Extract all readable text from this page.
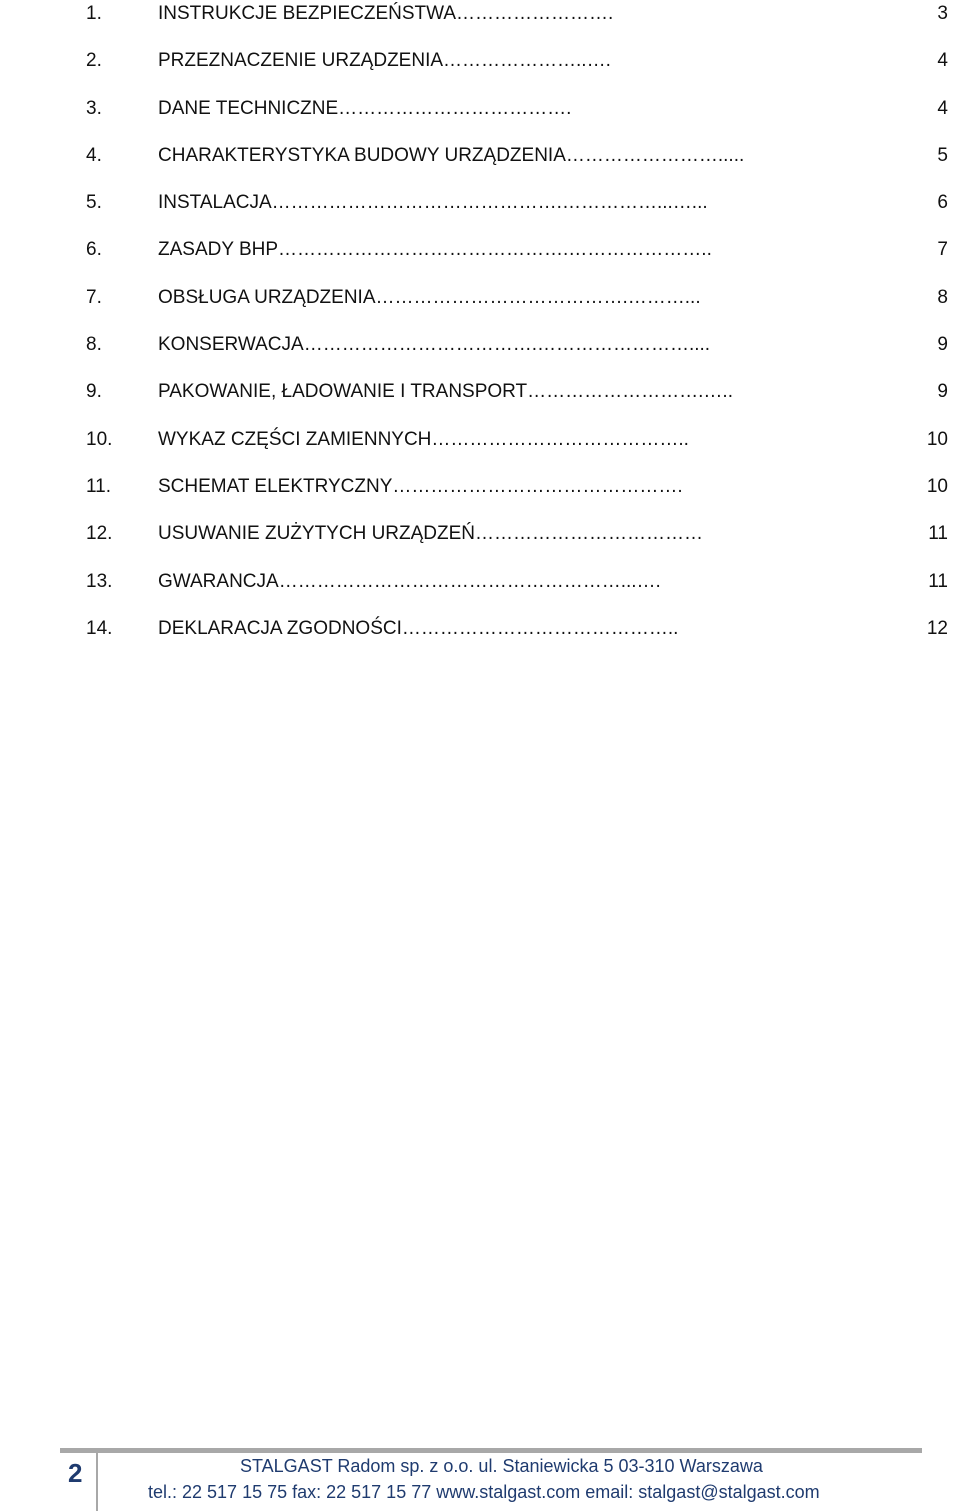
1.	INSTRUKCJE BEZPIECZEŃSTWA…………………….	3
2.	PRZEZNACZENIE URZĄDZENIA…………………..….	4
3.	DANE TECHNICZNE……………………………….	4
4.	CHARAKTERYSTYKA BUDOWY URZĄDZENIA…………………….....	5
5.	INSTALACJA……………………………………….……………...…...	6
6.	ZASADY BHP……………………………………….…………………..	7
7.	OBSŁUGA URZĄDZENIA………………………………….………...	8
8.	KONSERWACJA……………………………….……………………....	9
9.	PAKOWANIE, ŁADOWANIE I TRANSPORT……………………….…..	9
10. WYKAZ CZĘŚCI ZAMIENNYCH…………………………………..	10
11. SCHEMAT ELEKTRYCZNY……………………………………….	10
12. USUWANIE ZUŻYTYCH URZĄDZEŃ………………………………	11
13. GWARANCJA………………………………………………...….	11
14. DEKLARACJA ZGODNOŚCI……………………………………..	12
2	STALGAST Radom sp. z o.o. ul. Staniewicka 5 03-310 Warszawa
tel.: 22 517 15 75 fax: 22 517 15 77 www.stalgast.com email: stalgast@stalgast.com
